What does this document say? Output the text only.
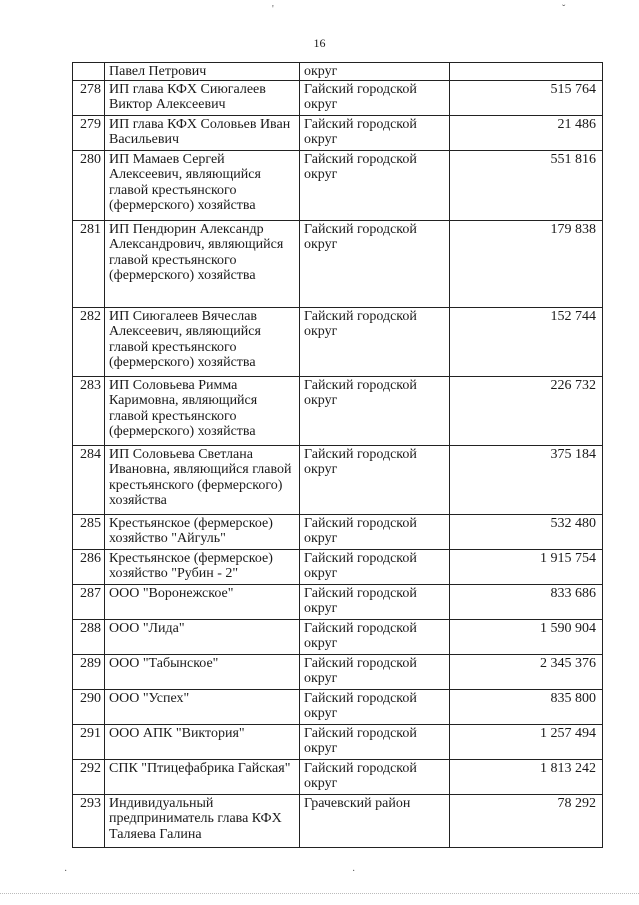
'	ˇ
16
	Павел Петрович	округ	
278	ИП глава КФХ Сиюгалеев Виктор Алексеевич	Гайский городской округ	515 764
279	ИП глава КФХ Соловьев Иван Васильевич	Гайский городской округ	21 486
280	ИП Мамаев Сергей Алексеевич, являющийся главой крестьянского (фермерского) хозяйства	Гайский городской округ	551 816
281	ИП Пендюрин Александр Александрович, являющийся главой крестьянского (фермерского) хозяйства	Гайский городской округ	179 838
282	ИП Сиюгалеев Вячеслав Алексеевич, являющийся главой крестьянского (фермерского) хозяйства	Гайский городской округ	152 744
283	ИП Соловьева Римма Каримовна, являющийся главой крестьянского (фермерского) хозяйства	Гайский городской округ	226 732
284	ИП Соловьева Светлана Ивановна, являющийся главой крестьянского (фермерского) хозяйства	Гайский городской округ	375 184
285	Крестьянское (фермерское) хозяйство "Айгуль"	Гайский городской округ	532 480
286	Крестьянское (фермерское) хозяйство "Рубин - 2"	Гайский городской округ	1 915 754
287	ООО "Воронежское"	Гайский городской округ	833 686
288	ООО "Лида"	Гайский городской округ	1 590 904
289	ООО "Табынское"	Гайский городской округ	2 345 376
290	ООО "Успех"	Гайский городской округ	835 800
291	ООО АПК "Виктория"	Гайский городской округ	1 257 494
292	СПК "Птицефабрика Гайская"	Гайский городской округ	1 813 242
293	Индивидуальный предприниматель глава КФХ Таляева Галина	Грачевский район	78 292
·	·
